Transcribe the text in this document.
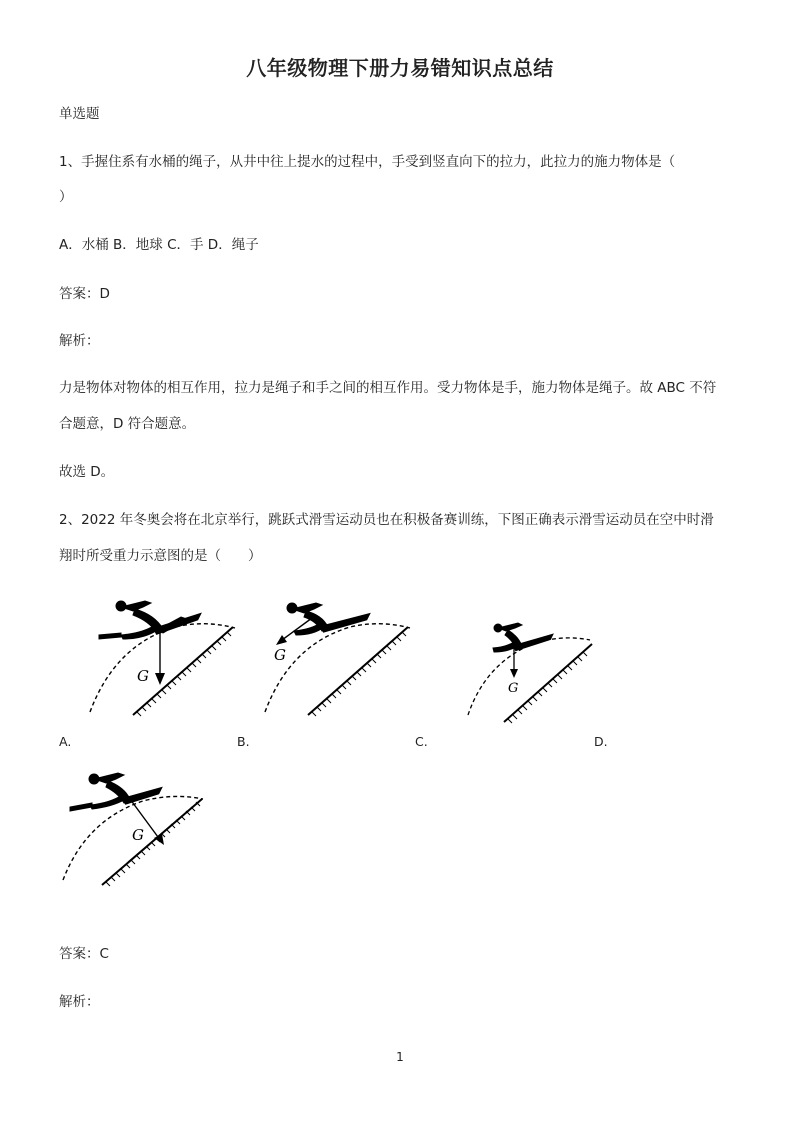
八年级物理下册力易错知识点总结
单选题
1、手握住系有水桶的绳子，从井中往上提水的过程中，手受到竖直向下的拉力，此拉力的施力物体是（
）
A．水桶 B．地球 C．手 D．绳子
答案：D
解析：
力是物体对物体的相互作用，拉力是绳子和手之间的相互作用。受力物体是手，施力物体是绳子。故 ABC 不符
合题意，D 符合题意。
故选 D。
2、2022 年冬奥会将在北京举行，跳跃式滑雪运动员也在积极备赛训练，下图正确表示滑雪运动员在空中时滑
翔时所受重力示意图的是（　　）
G
G
G
A.	B.	C.	D.
G
答案：C
解析：
1
